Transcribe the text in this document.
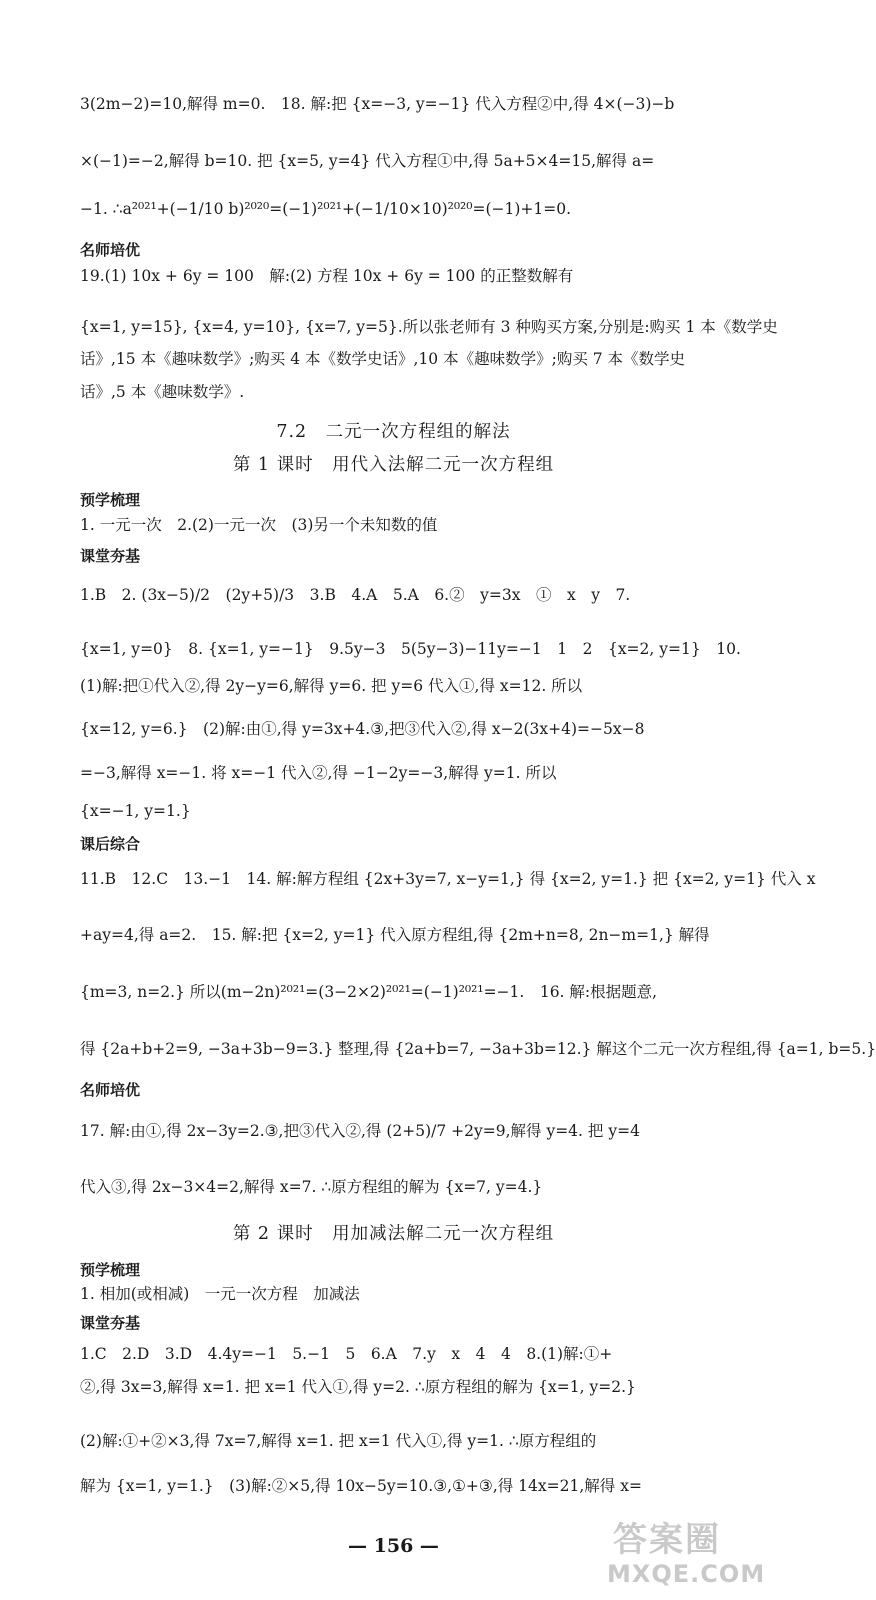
3(2m−2)=10,解得 m=0.　18. 解:把 {x=−3, y=−1} 代入方程②中,得 4×(−3)−b
×(−1)=−2,解得 b=10. 把 {x=5, y=4} 代入方程①中,得 5a+5×4=15,解得 a=
−1. ∴a²⁰²¹+(−1/10 b)²⁰²⁰=(−1)²⁰²¹+(−1/10×10)²⁰²⁰=(−1)+1=0.
名师培优
19.(1) 10x + 6y = 100　解:(2) 方程 10x + 6y = 100 的正整数解有
{x=1, y=15}, {x=4, y=10}, {x=7, y=5}.所以张老师有 3 种购买方案,分别是:购买 1 本《数学史
话》,15 本《趣味数学》;购买 4 本《数学史话》,10 本《趣味数学》;购买 7 本《数学史
话》,5 本《趣味数学》.
7.2　二元一次方程组的解法
第 1 课时　用代入法解二元一次方程组
预学梳理
1. 一元一次　2.(2)一元一次　(3)另一个未知数的值
课堂夯基
1.B　2. (3x−5)/2　(2y+5)/3　3.B　4.A　5.A　6.②　y=3x　①　x　y　7.
{x=1, y=0}　8. {x=1, y=−1}　9.5y−3　5(5y−3)−11y=−1　1　2　{x=2, y=1}　10.
(1)解:把①代入②,得 2y−y=6,解得 y=6. 把 y=6 代入①,得 x=12. 所以
{x=12, y=6.}　(2)解:由①,得 y=3x+4.③,把③代入②,得 x−2(3x+4)=−5x−8
=−3,解得 x=−1. 将 x=−1 代入②,得 −1−2y=−3,解得 y=1. 所以
{x=−1, y=1.}
课后综合
11.B　12.C　13.−1　14. 解:解方程组 {2x+3y=7, x−y=1,} 得 {x=2, y=1.} 把 {x=2, y=1} 代入 x
+ay=4,得 a=2.　15. 解:把 {x=2, y=1} 代入原方程组,得 {2m+n=8, 2n−m=1,} 解得
{m=3, n=2.} 所以(m−2n)²⁰²¹=(3−2×2)²⁰²¹=(−1)²⁰²¹=−1.　16. 解:根据题意,
得 {2a+b+2=9, −3a+3b−9=3.} 整理,得 {2a+b=7, −3a+3b=12.} 解这个二元一次方程组,得 {a=1, b=5.}
名师培优
17. 解:由①,得 2x−3y=2.③,把③代入②,得 (2+5)/7 +2y=9,解得 y=4. 把 y=4
代入③,得 2x−3×4=2,解得 x=7. ∴原方程组的解为 {x=7, y=4.}
第 2 课时　用加减法解二元一次方程组
预学梳理
1. 相加(或相减)　一元一次方程　加减法
课堂夯基
1.C　2.D　3.D　4.4y=−1　5.−1　5　6.A　7.y　x　4　4　8.(1)解:①+
②,得 3x=3,解得 x=1. 把 x=1 代入①,得 y=2. ∴原方程组的解为 {x=1, y=2.}
(2)解:①+②×3,得 7x=7,解得 x=1. 把 x=1 代入①,得 y=1. ∴原方程组的
解为 {x=1, y=1.}　(3)解:②×5,得 10x−5y=10.③,①+③,得 14x=21,解得 x=
— 156 —	答案圈
MXQE.COM
